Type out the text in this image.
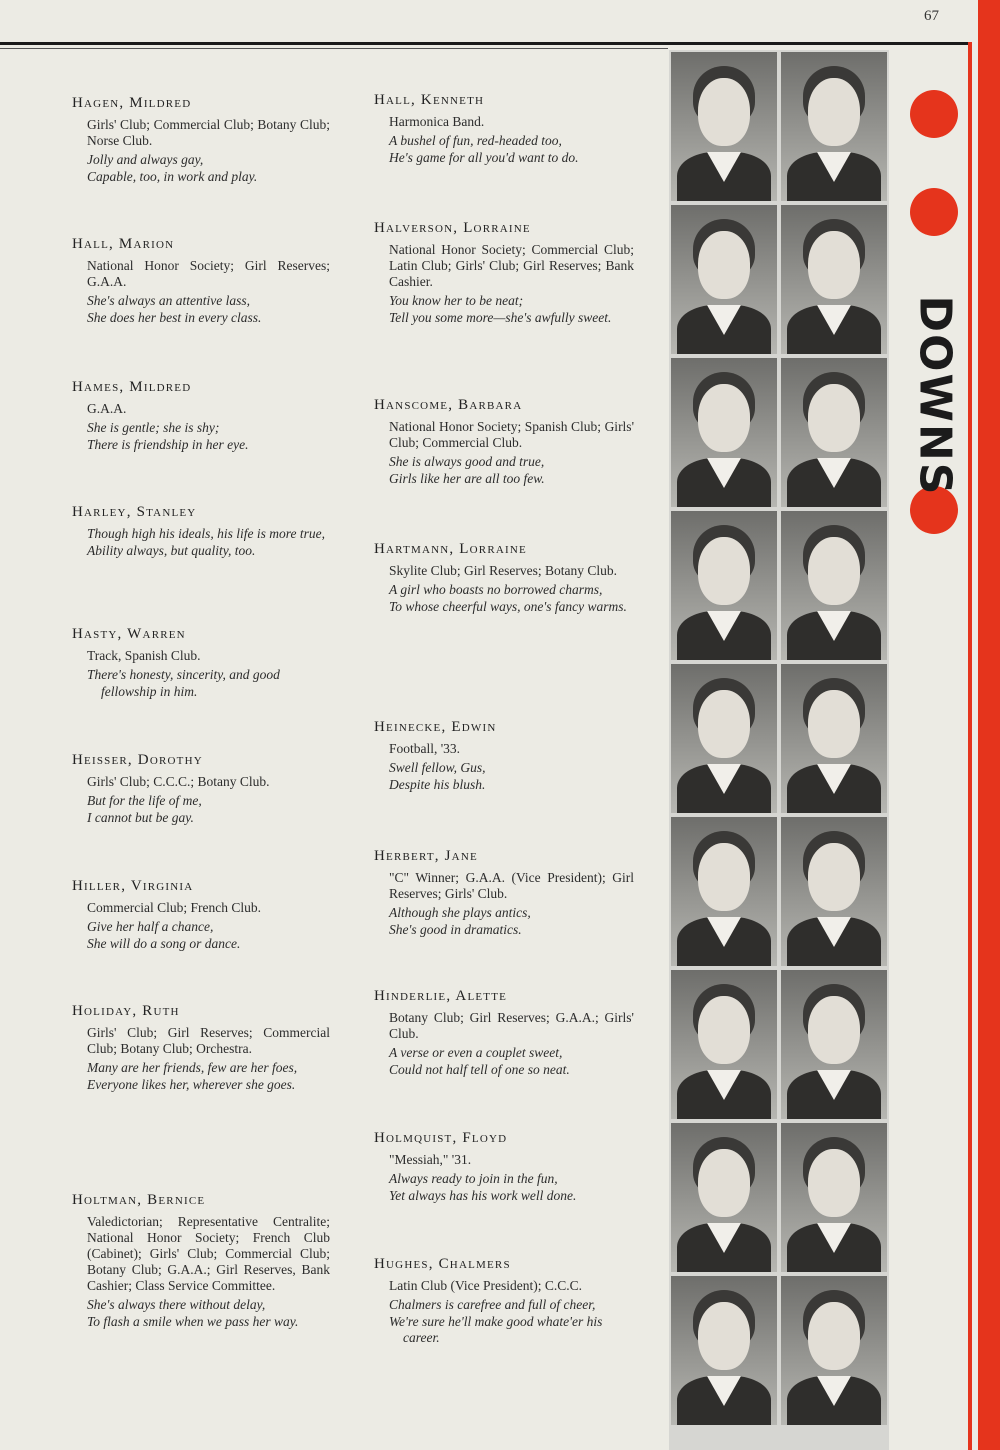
67
Hagen, Mildred
Girls' Club; Commercial Club; Botany Club; Norse Club.
Jolly and always gay,
Capable, too, in work and play.
Hall, Marion
National Honor Society; Girl Reserves; G.A.A.
She's always an attentive lass,
She does her best in every class.
Hames, Mildred
G.A.A.
She is gentle; she is shy;
There is friendship in her eye.
Harley, Stanley
Though high his ideals, his life is more true,
Ability always, but quality, too.
Hasty, Warren
Track, Spanish Club.
There's honesty, sincerity, and good fellowship in him.
Heisser, Dorothy
Girls' Club; C.C.C.; Botany Club.
But for the life of me,
I cannot but be gay.
Hiller, Virginia
Commercial Club; French Club.
Give her half a chance,
She will do a song or dance.
Holiday, Ruth
Girls' Club; Girl Reserves; Commercial Club; Botany Club; Orchestra.
Many are her friends, few are her foes,
Everyone likes her, wherever she goes.
Holtman, Bernice
Valedictorian; Representative Centralite; National Honor Society; French Club (Cabinet); Girls' Club; Commercial Club; Botany Club; G.A.A.; Girl Reserves, Bank Cashier; Class Service Committee.
She's always there without delay,
To flash a smile when we pass her way.
Hall, Kenneth
Harmonica Band.
A bushel of fun, red-headed too,
He's game for all you'd want to do.
Halverson, Lorraine
National Honor Society; Commercial Club; Latin Club; Girls' Club; Girl Reserves; Bank Cashier.
You know her to be neat;
Tell you some more—she's awfully sweet.
Hanscome, Barbara
National Honor Society; Spanish Club; Girls' Club; Commercial Club.
She is always good and true,
Girls like her are all too few.
Hartmann, Lorraine
Skylite Club; Girl Reserves; Botany Club.
A girl who boasts no borrowed charms,
To whose cheerful ways, one's fancy warms.
Heinecke, Edwin
Football, '33.
Swell fellow, Gus,
Despite his blush.
Herbert, Jane
"C" Winner; G.A.A. (Vice President); Girl Reserves; Girls' Club.
Although she plays antics,
She's good in dramatics.
Hinderlie, Alette
Botany Club; Girl Reserves; G.A.A.; Girls' Club.
A verse or even a couplet sweet,
Could not half tell of one so neat.
Holmquist, Floyd
"Messiah," '31.
Always ready to join in the fun,
Yet always has his work well done.
Hughes, Chalmers
Latin Club (Vice President); C.C.C.
Chalmers is carefree and full of cheer,
We're sure he'll make good whate'er his career.
DOWNS
